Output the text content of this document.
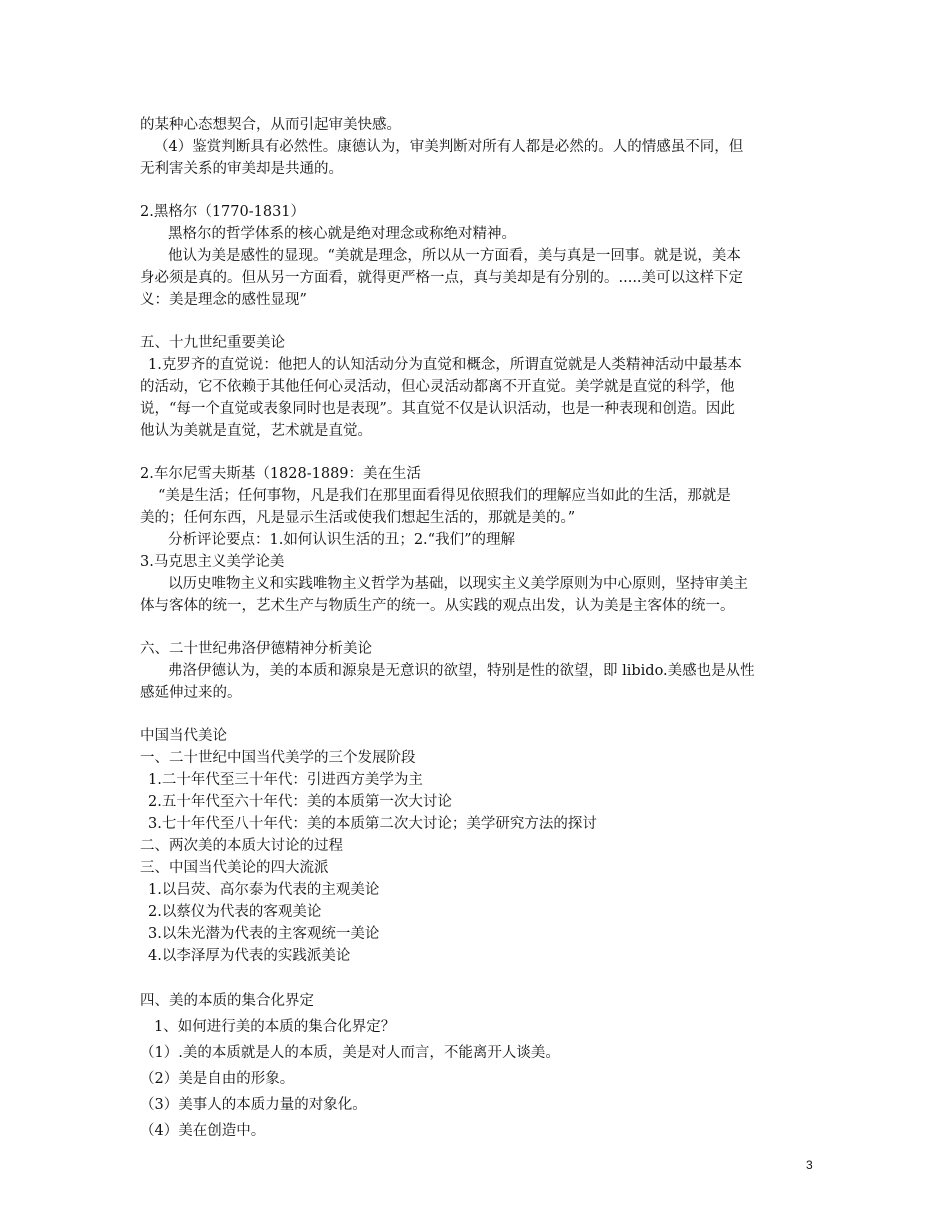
的某种心态想契合，从而引起审美快感。
（4）鉴赏判断具有必然性。康德认为，审美判断对所有人都是必然的。人的情感虽不同，但
无利害关系的审美却是共通的。
2.黑格尔（1770-1831）
黑格尔的哲学体系的核心就是绝对理念或称绝对精神。
他认为美是感性的显现。“美就是理念，所以从一方面看，美与真是一回事。就是说，美本
身必须是真的。但从另一方面看，就得更严格一点，真与美却是有分别的。.....美可以这样下定
义：美是理念的感性显现”
五、十九世纪重要美论
1.克罗齐的直觉说：他把人的认知活动分为直觉和概念，所谓直觉就是人类精神活动中最基本
的活动，它不依赖于其他任何心灵活动，但心灵活动都离不开直觉。美学就是直觉的科学，他
说，“每一个直觉或表象同时也是表现”。其直觉不仅是认识活动，也是一种表现和创造。因此
他认为美就是直觉，艺术就是直觉。
2.车尔尼雪夫斯基（1828-1889：美在生活
“美是生活；任何事物，凡是我们在那里面看得见依照我们的理解应当如此的生活，那就是
美的；任何东西，凡是显示生活或使我们想起生活的，那就是美的。”
分析评论要点：1.如何认识生活的丑；2.“我们”的理解
3.马克思主义美学论美
以历史唯物主义和实践唯物主义哲学为基础，以现实主义美学原则为中心原则，坚持审美主
体与客体的统一，艺术生产与物质生产的统一。从实践的观点出发，认为美是主客体的统一。
六、二十世纪弗洛伊德精神分析美论
弗洛伊德认为，美的本质和源泉是无意识的欲望，特别是性的欲望，即 libido.美感也是从性
感延伸过来的。
中国当代美论
一、二十世纪中国当代美学的三个发展阶段
1.二十年代至三十年代：引进西方美学为主
2.五十年代至六十年代：美的本质第一次大讨论
3.七十年代至八十年代：美的本质第二次大讨论；美学研究方法的探讨
二、两次美的本质大讨论的过程
三、中国当代美论的四大流派
1.以吕荧、高尔泰为代表的主观美论
2.以蔡仪为代表的客观美论
3.以朱光潜为代表的主客观统一美论
4.以李泽厚为代表的实践派美论
四、美的本质的集合化界定
1、如何进行美的本质的集合化界定？
（1）.美的本质就是人的本质，美是对人而言，不能离开人谈美。
（2）美是自由的形象。
（3）美事人的本质力量的对象化。
（4）美在创造中。
3
